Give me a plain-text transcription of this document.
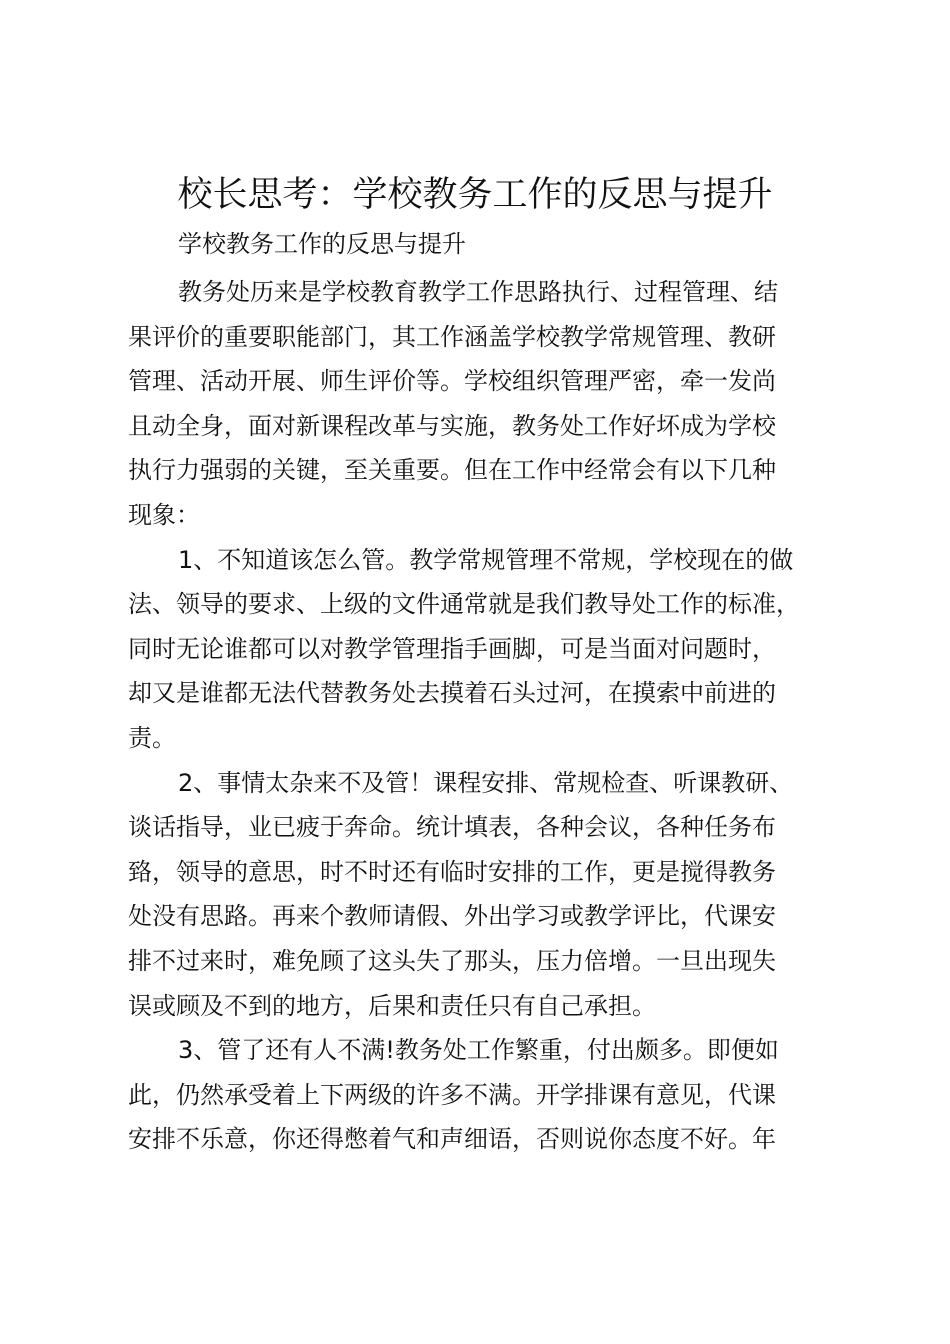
校长思考：学校教务工作的反思与提升
学校教务工作的反思与提升

教务处历来是学校教育教学工作思路执行、过程管理、结
果评价的重要职能部门，其工作涵盖学校教学常规管理、教研
管理、活动开展、师生评价等。学校组织管理严密，牵一发尚
且动全身，面对新课程改革与实施，教务处工作好坏成为学校
执行力强弱的关键，至关重要。但在工作中经常会有以下几种
现象：

1、不知道该怎么管。教学常规管理不常规，学校现在的做
法、领导的要求、上级的文件通常就是我们教导处工作的标准，
同时无论谁都可以对教学管理指手画脚，可是当面对问题时，
却又是谁都无法代替教务处去摸着石头过河，在摸索中前进的
责。

2、事情太杂来不及管！课程安排、常规检查、听课教研、
谈话指导，业已疲于奔命。统计填表，各种会议，各种任务布
臵，领导的意思，时不时还有临时安排的工作，更是搅得教务
处没有思路。再来个教师请假、外出学习或教学评比，代课安
排不过来时，难免顾了这头失了那头，压力倍增。一旦出现失
误或顾及不到的地方，后果和责任只有自己承担。

3、管了还有人不满!教务处工作繁重，付出颇多。即便如
此，仍然承受着上下两级的许多不满。开学排课有意见，代课
安排不乐意，你还得憋着气和声细语，否则说你态度不好。年
